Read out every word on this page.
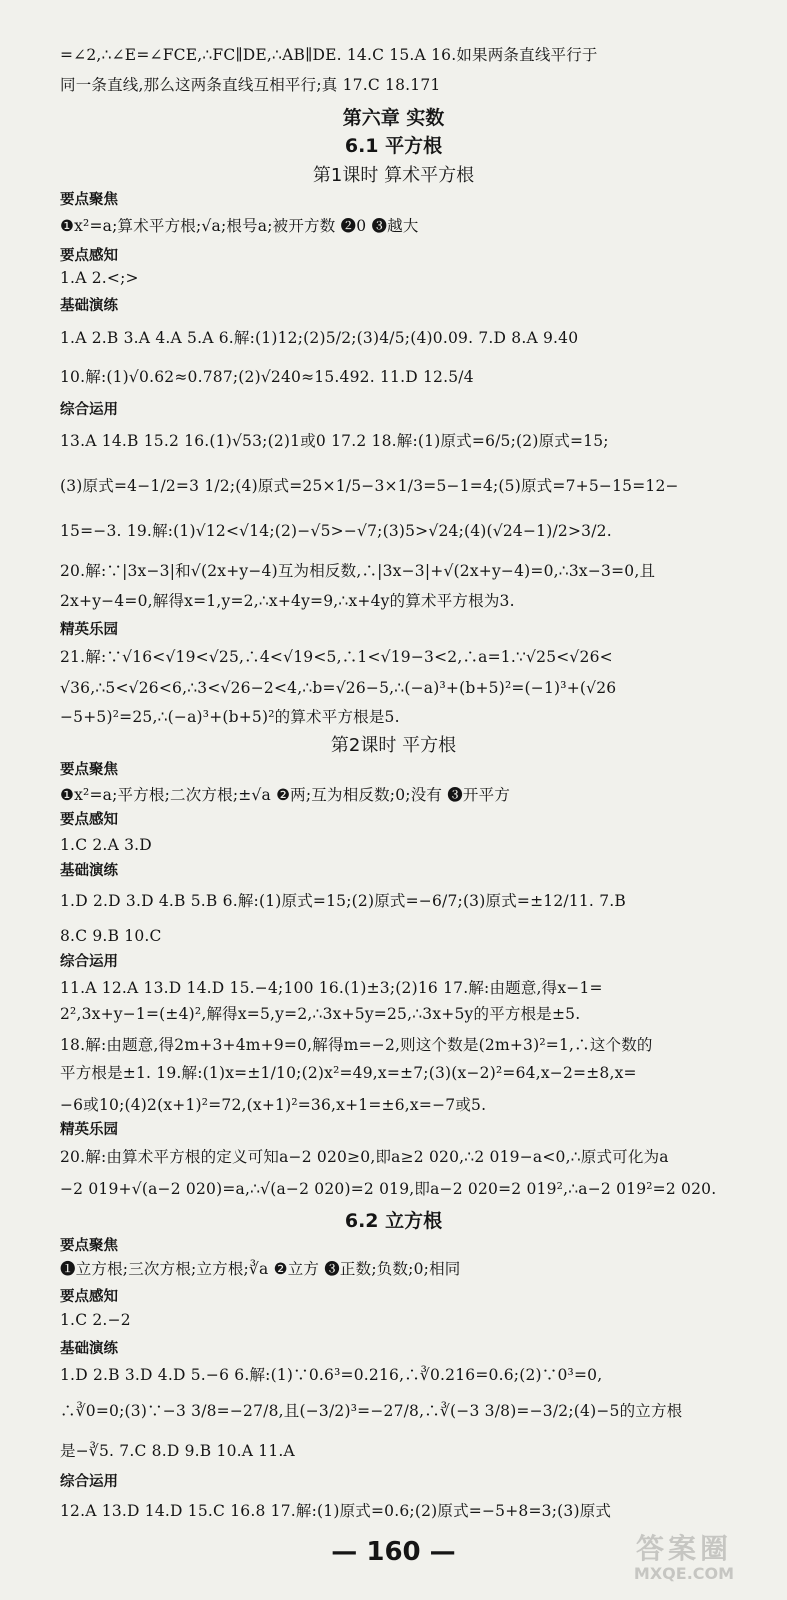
=∠2,∴∠E=∠FCE,∴FC∥DE,∴AB∥DE. 14.C 15.A 16.如果两条直线平行于
同一条直线,那么这两条直线互相平行;真 17.C 18.171
第六章 实数
6.1 平方根
第1课时 算术平方根
要点聚焦
❶x²=a;算术平方根;√a;根号a;被开方数 ❷0 ❸越大
要点感知
1.A 2.<;>
基础演练
1.A 2.B 3.A 4.A 5.A 6.解:(1)12;(2)5/2;(3)4/5;(4)0.09. 7.D 8.A 9.40
10.解:(1)√0.62≈0.787;(2)√240≈15.492. 11.D 12.5/4
综合运用
13.A 14.B 15.2 16.(1)√53;(2)1或0 17.2 18.解:(1)原式=6/5;(2)原式=15;
(3)原式=4−1/2=3 1/2;(4)原式=25×1/5−3×1/3=5−1=4;(5)原式=7+5−15=12−
15=−3. 19.解:(1)√12<√14;(2)−√5>−√7;(3)5>√24;(4)(√24−1)/2>3/2.
20.解:∵|3x−3|和√(2x+y−4)互为相反数,∴|3x−3|+√(2x+y−4)=0,∴3x−3=0,且
2x+y−4=0,解得x=1,y=2,∴x+4y=9,∴x+4y的算术平方根为3.
精英乐园
21.解:∵√16<√19<√25,∴4<√19<5,∴1<√19−3<2,∴a=1.∵√25<√26<
√36,∴5<√26<6,∴3<√26−2<4,∴b=√26−5,∴(−a)³+(b+5)²=(−1)³+(√26
−5+5)²=25,∴(−a)³+(b+5)²的算术平方根是5.
第2课时 平方根
要点聚焦
❶x²=a;平方根;二次方根;±√a ❷两;互为相反数;0;没有 ❸开平方
要点感知
1.C 2.A 3.D
基础演练
1.D 2.D 3.D 4.B 5.B 6.解:(1)原式=15;(2)原式=−6/7;(3)原式=±12/11. 7.B
8.C 9.B 10.C
综合运用
11.A 12.A 13.D 14.D 15.−4;100 16.(1)±3;(2)16 17.解:由题意,得x−1=
2²,3x+y−1=(±4)²,解得x=5,y=2,∴3x+5y=25,∴3x+5y的平方根是±5.
18.解:由题意,得2m+3+4m+9=0,解得m=−2,则这个数是(2m+3)²=1,∴这个数的
平方根是±1. 19.解:(1)x=±1/10;(2)x²=49,x=±7;(3)(x−2)²=64,x−2=±8,x=
−6或10;(4)2(x+1)²=72,(x+1)²=36,x+1=±6,x=−7或5.
精英乐园
20.解:由算术平方根的定义可知a−2 020≥0,即a≥2 020,∴2 019−a<0,∴原式可化为a
−2 019+√(a−2 020)=a,∴√(a−2 020)=2 019,即a−2 020=2 019²,∴a−2 019²=2 020.
6.2 立方根
要点聚焦
❶立方根;三次方根;立方根;∛a ❷立方 ❸正数;负数;0;相同
要点感知
1.C 2.−2
基础演练
1.D 2.B 3.D 4.D 5.−6 6.解:(1)∵0.6³=0.216,∴∛0.216=0.6;(2)∵0³=0,
∴∛0=0;(3)∵−3 3/8=−27/8,且(−3/2)³=−27/8,∴∛(−3 3/8)=−3/2;(4)−5的立方根
是−∛5. 7.C 8.D 9.B 10.A 11.A
综合运用
12.A 13.D 14.D 15.C 16.8 17.解:(1)原式=0.6;(2)原式=−5+8=3;(3)原式
— 160 —	答案圈
MXQE.COM
